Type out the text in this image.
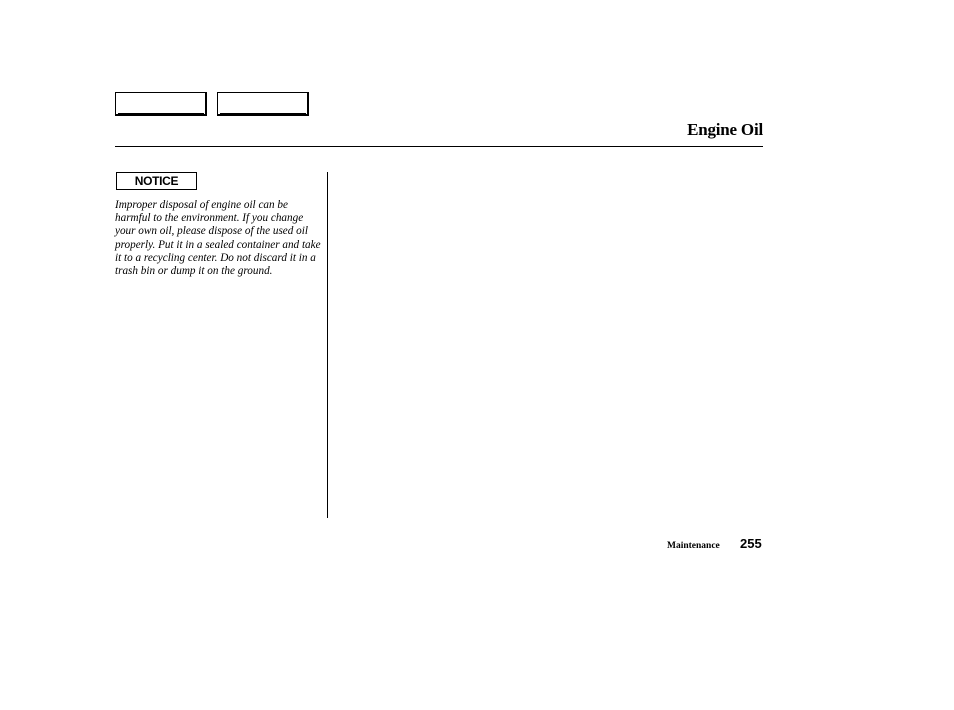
Engine Oil
NOTICE

Improper disposal of engine oil can be harmful to the environment. If you change your own oil, please dispose of the used oil properly. Put it in a sealed container and take it to a recycling center. Do not discard it in a trash bin or dump it on the ground.

Maintenance 255
